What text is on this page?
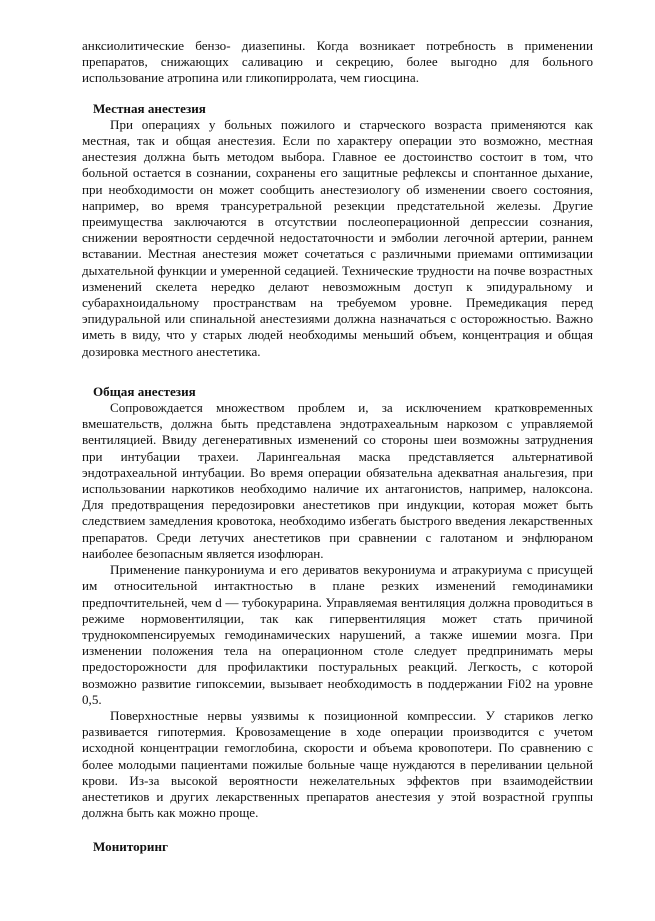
анксиолитические бензо- диазепины. Когда возникает потребность в применении препаратов, снижающих саливацию и секрецию, более выгодно для больного использование атропина или гликопирролата, чем гиосцина.

Местная анестезия

При операциях у больных пожилого и старческого возраста применяются как местная, так и общая анестезия. Если по характеру операции это возможно, местная анестезия должна быть методом выбора. Главное ее достоинство состоит в том, что больной остается в сознании, сохранены его защитные рефлексы и спонтанное дыхание, при необходимости он может сообщить анестезиологу об изменении своего состояния, например, во время трансуретральной резекции предстательной железы. Другие преимущества заключаются в отсутствии послеоперационной депрессии сознания, снижении вероятности сердечной недостаточности и эмболии легочной артерии, раннем вставании. Местная анестезия может сочетаться с различными приемами оптимизации дыхательной функции и умеренной седацией. Технические трудности на почве возрастных изменений скелета нередко делают невозможным доступ к эпидуральному и субарахноидальному пространствам на требуемом уровне. Премедикация перед эпидуральной или спинальной анестезиями должна назначаться с осторожностью. Важно иметь в виду, что у старых людей необходимы меньший объем, концентрация и общая дозировка местного анестетика.

Общая анестезия

Сопровождается множеством проблем и, за исключением кратковременных вмешательств, должна быть представлена эндотрахеальным наркозом с управляемой вентиляцией. Ввиду дегенеративных изменений со стороны шеи возможны затруднения при интубации трахеи. Ларингеальная маска представляется альтернативой эндотрахеальной интубации. Во время операции обязательна адекватная анальгезия, при использовании наркотиков необходимо наличие их антагонистов, например, налоксона. Для предотвращения передозировки анестетиков при индукции, которая может быть следствием замедления кровотока, необходимо избегать быстрого введения лекарственных препаратов. Среди летучих анестетиков при сравнении с галотаном и энфлюраном наиболее безопасным является изофлюран.

Применение панкурониума и его дериватов векурониума и атракуриума с присущей им относительной интактностью в плане резких изменений гемодинамики предпочтительней, чем d — тубокурарина. Управляемая вентиляция должна проводиться в режиме нормовентиляции, так как гипервентиляция может стать причиной труднокомпенсируемых гемодинамических нарушений, а также ишемии мозга. При изменении положения тела на операционном столе следует предпринимать меры предосторожности для профилактики постуральных реакций. Легкость, с которой возможно развитие гипоксемии, вызывает необходимость в поддержании Fi02 на уровне 0,5.

Поверхностные нервы уязвимы к позиционной компрессии. У стариков легко развивается гипотермия. Кровозамещение в ходе операции производится с учетом исходной концентрации гемоглобина, скорости и объема кровопотери. По сравнению с более молодыми пациентами пожилые больные чаще нуждаются в переливании цельной крови. Из-за высокой вероятности нежелательных эффектов при взаимодействии анестетиков и других лекарственных препаратов анестезия у этой возрастной группы должна быть как можно проще.

Мониторинг
